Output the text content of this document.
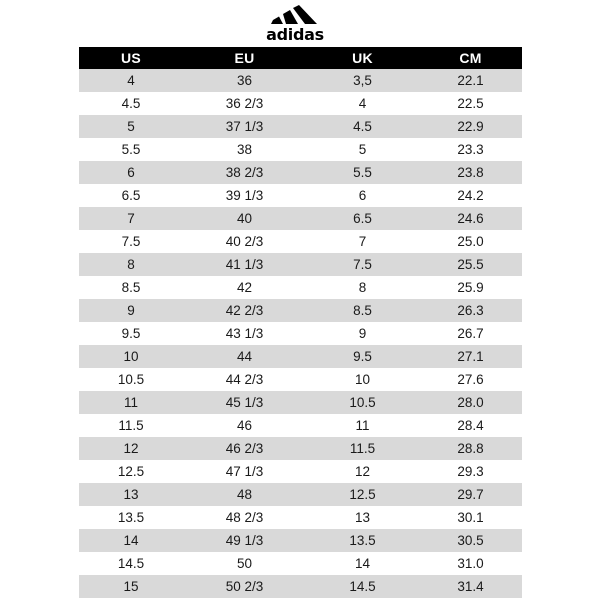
adidas
US	EU	UK	CM
4	36	3,5	22.1
4.5	36 2/3	4	22.5
5	37 1/3	4.5	22.9
5.5	38	5	23.3
6	38 2/3	5.5	23.8
6.5	39 1/3	6	24.2
7	40	6.5	24.6
7.5	40 2/3	7	25.0
8	41 1/3	7.5	25.5
8.5	42	8	25.9
9	42 2/3	8.5	26.3
9.5	43 1/3	9	26.7
10	44	9.5	27.1
10.5	44 2/3	10	27.6
11	45 1/3	10.5	28.0
11.5	46	11	28.4
12	46 2/3	11.5	28.8
12.5	47 1/3	12	29.3
13	48	12.5	29.7
13.5	48 2/3	13	30.1
14	49 1/3	13.5	30.5
14.5	50	14	31.0
15	50 2/3	14.5	31.4
